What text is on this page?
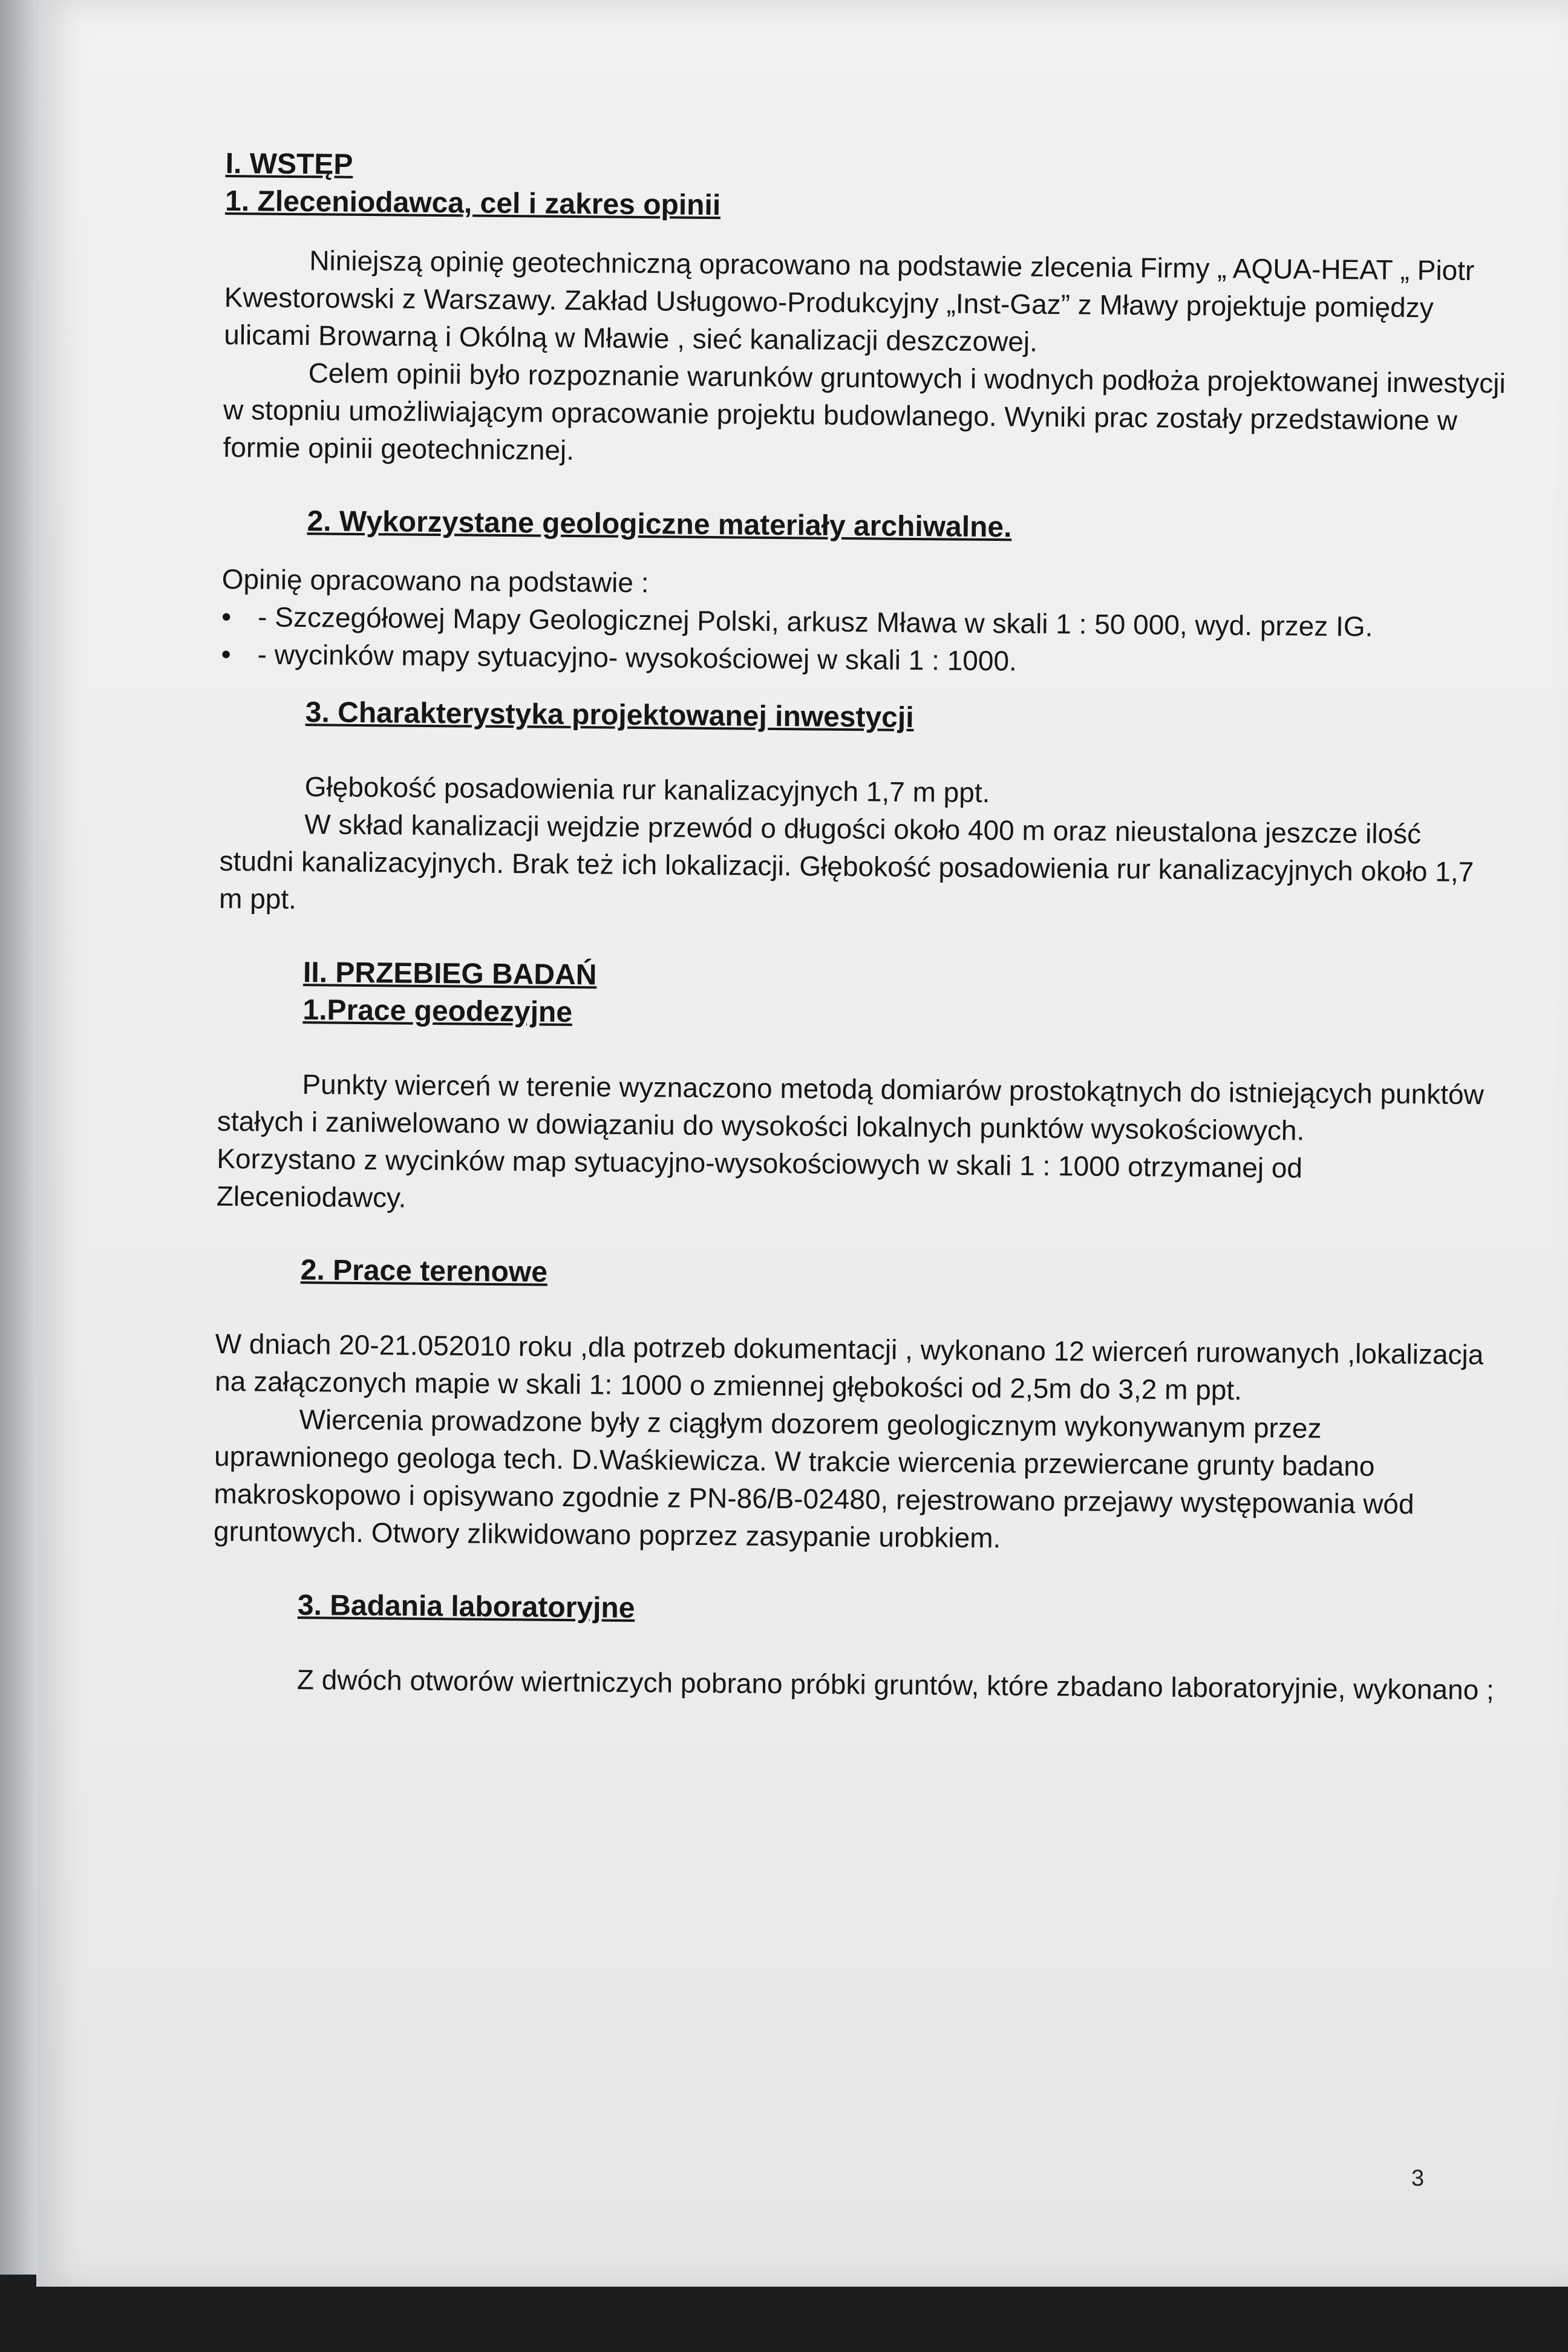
I. WSTĘP

1. Zleceniodawca, cel i zakres opinii

Niniejszą opinię geotechniczną opracowano na podstawie zlecenia Firmy „ AQUA-HEAT „ Piotr Kwestorowski z Warszawy. Zakład Usługowo-Produkcyjny „Inst-Gaz” z Mławy projektuje pomiędzy ulicami Browarną i Okólną w Mławie , sieć kanalizacji deszczowej.

Celem opinii było rozpoznanie warunków gruntowych i wodnych podłoża projektowanej inwestycji w stopniu umożliwiającym opracowanie projektu budowlanego. Wyniki prac zostały przedstawione w formie opinii geotechnicznej.

2. Wykorzystane geologiczne materiały archiwalne.

Opinię opracowano na podstawie :

• - Szczegółowej Mapy Geologicznej Polski, arkusz Mława w skali 1 : 50 000, wyd. przez IG.
• - wycinków mapy sytuacyjno- wysokościowej w skali 1 : 1000.

3. Charakterystyka projektowanej inwestycji

Głębokość posadowienia rur kanalizacyjnych 1,7 m ppt.

W skład kanalizacji wejdzie przewód o długości około 400 m oraz nieustalona jeszcze ilość studni kanalizacyjnych. Brak też ich lokalizacji. Głębokość posadowienia rur kanalizacyjnych około 1,7 m ppt.

II. PRZEBIEG BADAŃ

1.Prace geodezyjne

Punkty wierceń w terenie wyznaczono metodą domiarów prostokątnych do istniejących punktów stałych i zaniwelowano w dowiązaniu do wysokości lokalnych punktów wysokościowych.

Korzystano z wycinków map sytuacyjno-wysokościowych w skali 1 : 1000 otrzymanej od Zleceniodawcy.

2. Prace terenowe

W dniach 20-21.052010 roku ,dla potrzeb dokumentacji , wykonano 12 wierceń rurowanych ,lokalizacja na załączonych mapie w skali 1: 1000 o zmiennej głębokości od 2,5m do 3,2 m ppt.

Wiercenia prowadzone były z ciągłym dozorem geologicznym wykonywanym przez uprawnionego geologa tech. D.Waśkiewicza. W trakcie wiercenia przewiercane grunty badano makroskopowo i opisywano zgodnie z PN-86/B-02480, rejestrowano przejawy występowania wód gruntowych. Otwory zlikwidowano poprzez zasypanie urobkiem.

3. Badania laboratoryjne

Z dwóch otworów wiertniczych pobrano próbki gruntów, które zbadano laboratoryjnie, wykonano ;

3
